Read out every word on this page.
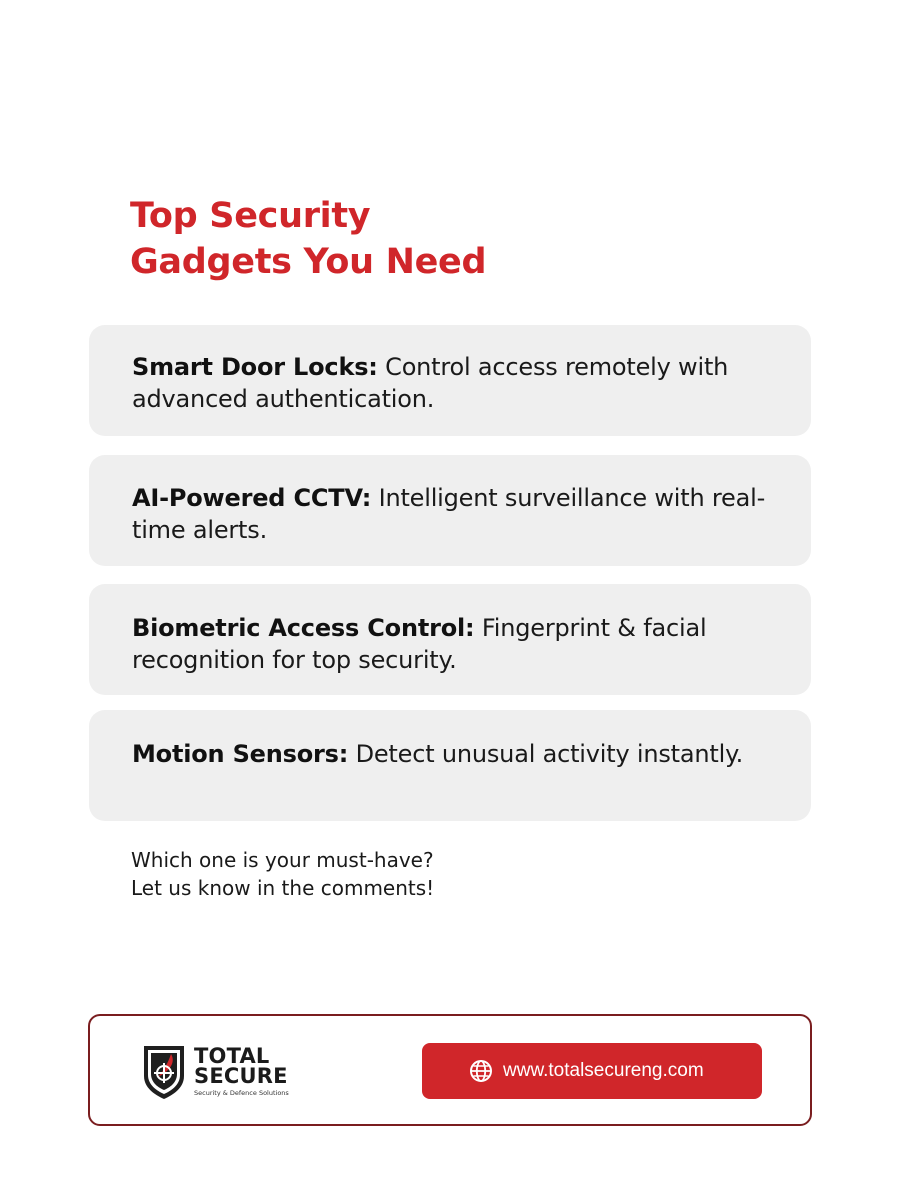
Top Security
Gadgets You Need
Smart Door Locks: Control access remotely with advanced authentication.
AI-Powered CCTV: Intelligent surveillance with real-time alerts.
Biometric Access Control: Fingerprint & facial recognition for top security.
Motion Sensors: Detect unusual activity instantly.
Which one is your must-have?
Let us know in the comments!
TOTAL
SECURE
Security & Defence Solutions
www.totalsecureng.com
